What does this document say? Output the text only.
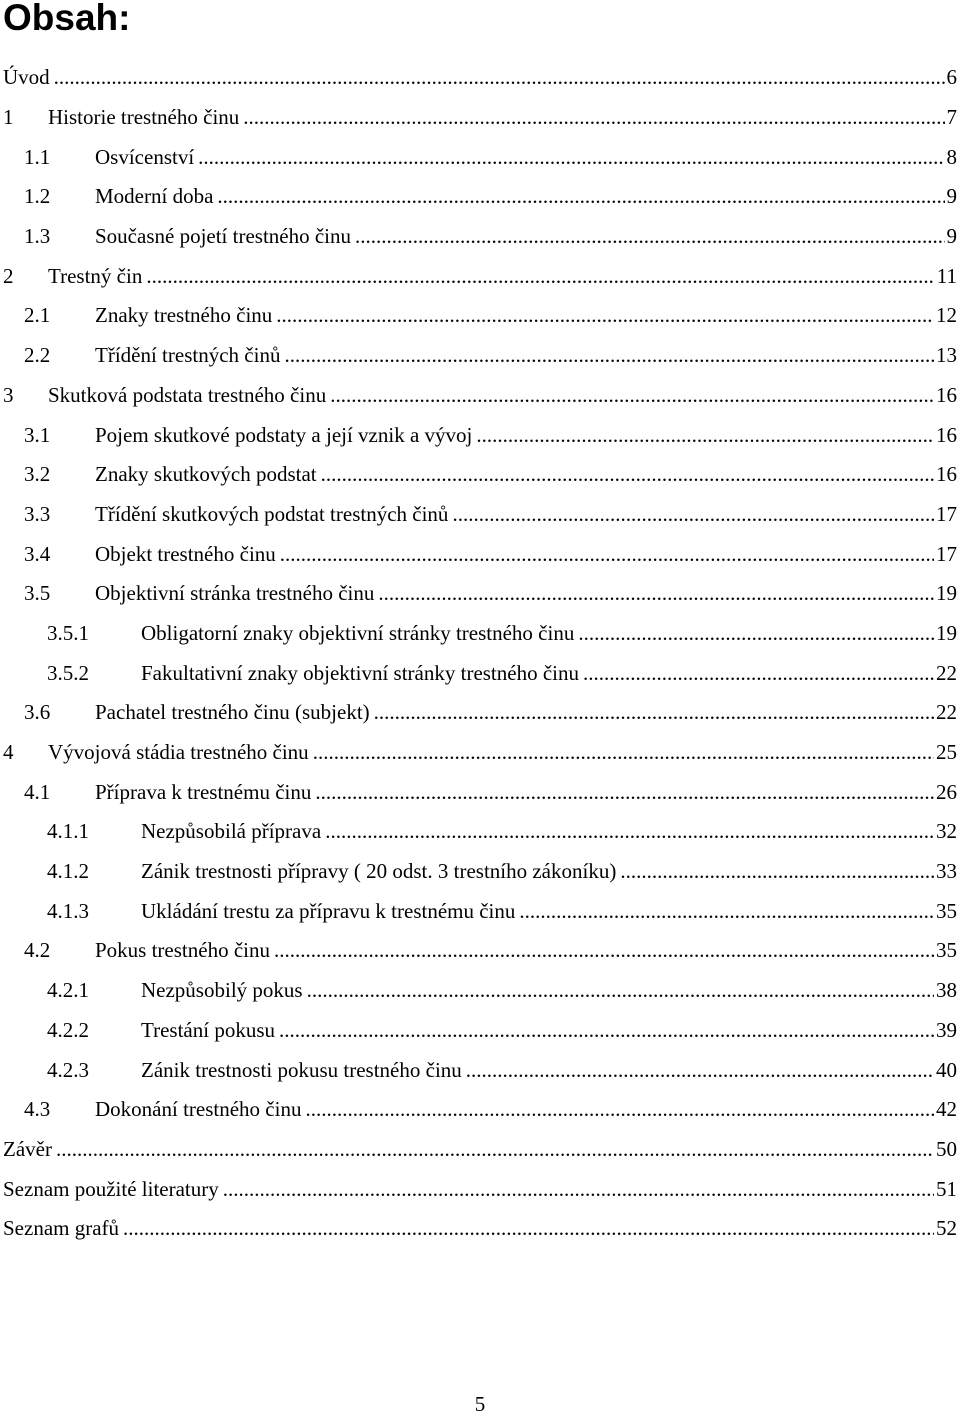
Obsah:
Úvod .....	6
1	Historie trestného činu .....	7
1.1	Osvícenství .....	8
1.2	Moderní doba .....	9
1.3	Současné pojetí trestného činu .....	9
2	Trestný čin .....	11
2.1	Znaky trestného činu .....	12
2.2	Třídění trestných činů .....	13
3	Skutková podstata trestného činu .....	16
3.1	Pojem skutkové podstaty a její vznik a vývoj .....	16
3.2	Znaky skutkových podstat .....	16
3.3	Třídění skutkových podstat trestných činů .....	17
3.4	Objekt trestného činu .....	17
3.5	Objektivní stránka trestného činu .....	19
3.5.1	Obligatorní znaky objektivní stránky trestného činu .....	19
3.5.2	Fakultativní znaky objektivní stránky trestného činu .....	22
3.6	Pachatel trestného činu (subjekt) .....	22
4	Vývojová stádia trestného činu .....	25
4.1	Příprava k trestnému činu .....	26
4.1.1	Nezpůsobilá příprava .....	32
4.1.2	Zánik trestnosti přípravy ( 20 odst. 3 trestního zákoníku) .....	33
4.1.3	Ukládání trestu za přípravu k trestnému činu .....	35
4.2	Pokus trestného činu .....	35
4.2.1	Nezpůsobilý pokus .....	38
4.2.2	Trestání pokusu .....	39
4.2.3	Zánik trestnosti pokusu trestného činu .....	40
4.3	Dokonání trestného činu .....	42
Závěr .....	50
Seznam použité literatury .....	51
Seznam grafů .....	52
5
